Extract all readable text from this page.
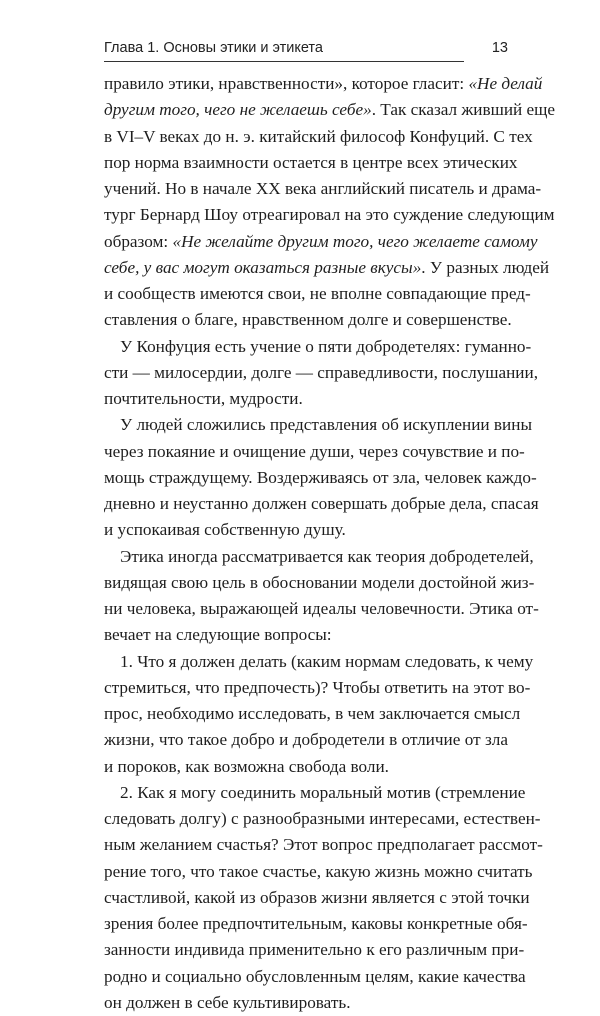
Глава 1. Основы этики и этикета	13
правило этики, нравственности», которое гласит: «Не делай
другим того, чего не желаешь себе». Так сказал живший еще
в VI–V веках до н. э. китайский философ Конфуций. С тех
пор норма взаимности остается в центре всех этических
учений. Но в начале XX века английский писатель и драма-
тург Бернард Шоу отреагировал на это суждение следующим
образом: «Не желайте другим того, чего желаете самому
себе, у вас могут оказаться разные вкусы». У разных людей
и сообществ имеются свои, не вполне совпадающие пред-
ставления о благе, нравственном долге и совершенстве.
У Конфуция есть учение о пяти добродетелях: гуманно-
сти — милосердии, долге — справедливости, послушании,
почтительности, мудрости.
У людей сложились представления об искуплении вины
через покаяние и очищение души, через сочувствие и по-
мощь страждущему. Воздерживаясь от зла, человек каждо-
дневно и неустанно должен совершать добрые дела, спасая
и успокаивая собственную душу.
Этика иногда рассматривается как теория добродетелей,
видящая свою цель в обосновании модели достойной жиз-
ни человека, выражающей идеалы человечности. Этика от-
вечает на следующие вопросы:
1. Что я должен делать (каким нормам следовать, к чему
стремиться, что предпочесть)? Чтобы ответить на этот во-
прос, необходимо исследовать, в чем заключается смысл
жизни, что такое добро и добродетели в отличие от зла
и пороков, как возможна свобода воли.
2. Как я могу соединить моральный мотив (стремление
следовать долгу) с разнообразными интересами, естествен-
ным желанием счастья? Этот вопрос предполагает рассмот-
рение того, что такое счастье, какую жизнь можно считать
счастливой, какой из образов жизни является с этой точки
зрения более предпочтительным, каковы конкретные обя-
занности индивида применительно к его различным при-
родно и социально обусловленным целям, какие качества
он должен в себе культивировать.
